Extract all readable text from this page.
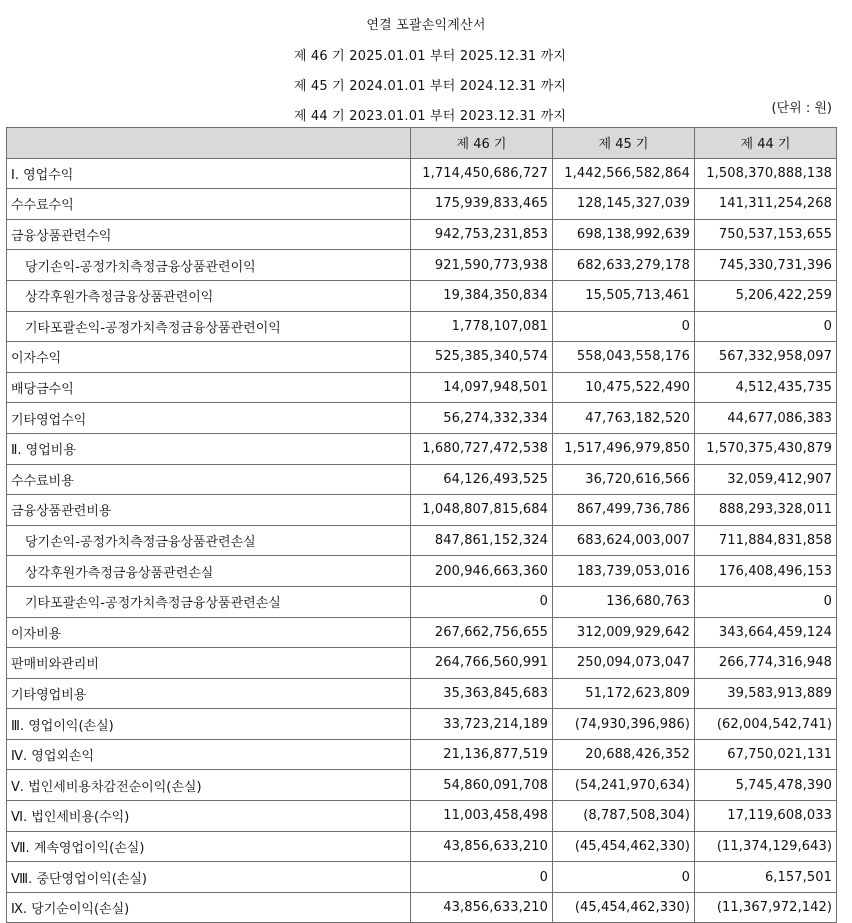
연결 포괄손익계산서
제 46 기 2025.01.01 부터 2025.12.31 까지
제 45 기 2024.01.01 부터 2024.12.31 까지
제 44 기 2023.01.01 부터 2023.12.31 까지
(단위 : 원)
	제 46 기	제 45 기	제 44 기
Ⅰ. 영업수익	1,714,450,686,727	1,442,566,582,864	1,508,370,888,138
수수료수익	175,939,833,465	128,145,327,039	141,311,254,268
금융상품관련수익	942,753,231,853	698,138,992,639	750,537,153,655
당기손익-공정가치측정금융상품관련이익	921,590,773,938	682,633,279,178	745,330,731,396
상각후원가측정금융상품관련이익	19,384,350,834	15,505,713,461	5,206,422,259
기타포괄손익-공정가치측정금융상품관련이익	1,778,107,081	0	0
이자수익	525,385,340,574	558,043,558,176	567,332,958,097
배당금수익	14,097,948,501	10,475,522,490	4,512,435,735
기타영업수익	56,274,332,334	47,763,182,520	44,677,086,383
Ⅱ. 영업비용	1,680,727,472,538	1,517,496,979,850	1,570,375,430,879
수수료비용	64,126,493,525	36,720,616,566	32,059,412,907
금융상품관련비용	1,048,807,815,684	867,499,736,786	888,293,328,011
당기손익-공정가치측정금융상품관련손실	847,861,152,324	683,624,003,007	711,884,831,858
상각후원가측정금융상품관련손실	200,946,663,360	183,739,053,016	176,408,496,153
기타포괄손익-공정가치측정금융상품관련손실	0	136,680,763	0
이자비용	267,662,756,655	312,009,929,642	343,664,459,124
판매비와관리비	264,766,560,991	250,094,073,047	266,774,316,948
기타영업비용	35,363,845,683	51,172,623,809	39,583,913,889
Ⅲ. 영업이익(손실)	33,723,214,189	(74,930,396,986)	(62,004,542,741)
Ⅳ. 영업외손익	21,136,877,519	20,688,426,352	67,750,021,131
Ⅴ. 법인세비용차감전순이익(손실)	54,860,091,708	(54,241,970,634)	5,745,478,390
Ⅵ. 법인세비용(수익)	11,003,458,498	(8,787,508,304)	17,119,608,033
Ⅶ. 계속영업이익(손실)	43,856,633,210	(45,454,462,330)	(11,374,129,643)
Ⅷ. 중단영업이익(손실)	0	0	6,157,501
Ⅸ. 당기순이익(손실)	43,856,633,210	(45,454,462,330)	(11,367,972,142)
